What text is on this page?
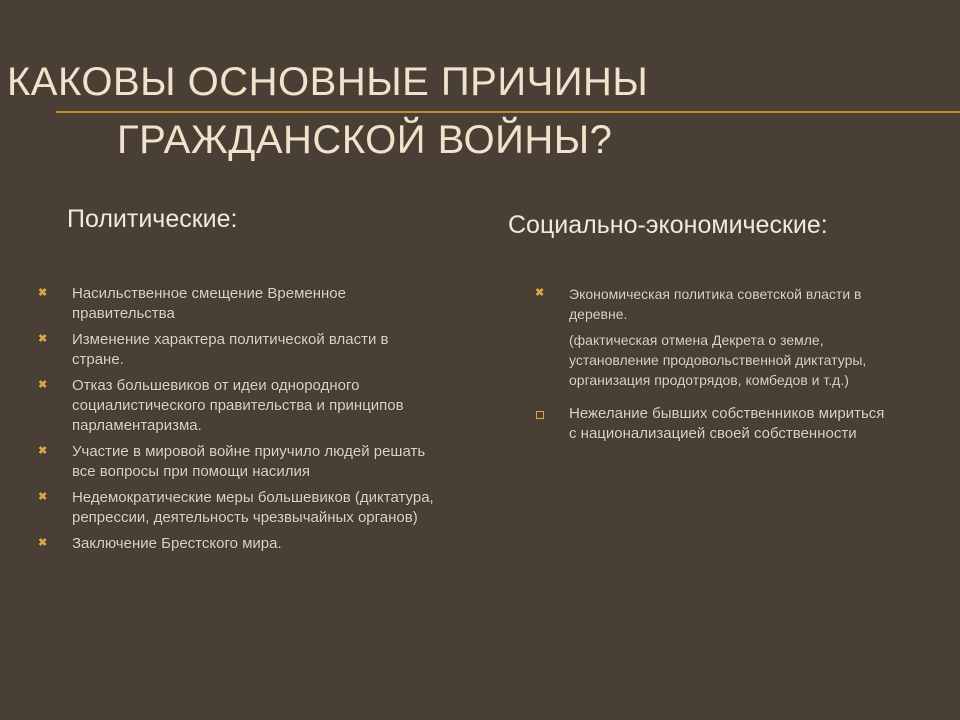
КАКОВЫ ОСНОВНЫЕ ПРИЧИНЫ
ГРАЖДАНСКОЙ ВОЙНЫ?
Политические:	Социально-экономические:
✖ Насильственное смещение Временное правительства
✖ Изменение характера политической власти в стране.
✖ Отказ большевиков от идеи однородного социалистического правительства и принципов парламентаризма.
✖ Участие в мировой войне приучило людей решать все вопросы при помощи насилия
✖ Недемократические меры большевиков (диктатура, репрессии, деятельность чрезвычайных органов)
✖ Заключение Брестского мира.
✖ Экономическая политика советской власти в деревне.
(фактическая отмена Декрета о земле, установление продовольственной диктатуры, организация продотрядов, комбедов и т.д.)
Нежелание бывших собственников мириться с национализацией своей собственности
